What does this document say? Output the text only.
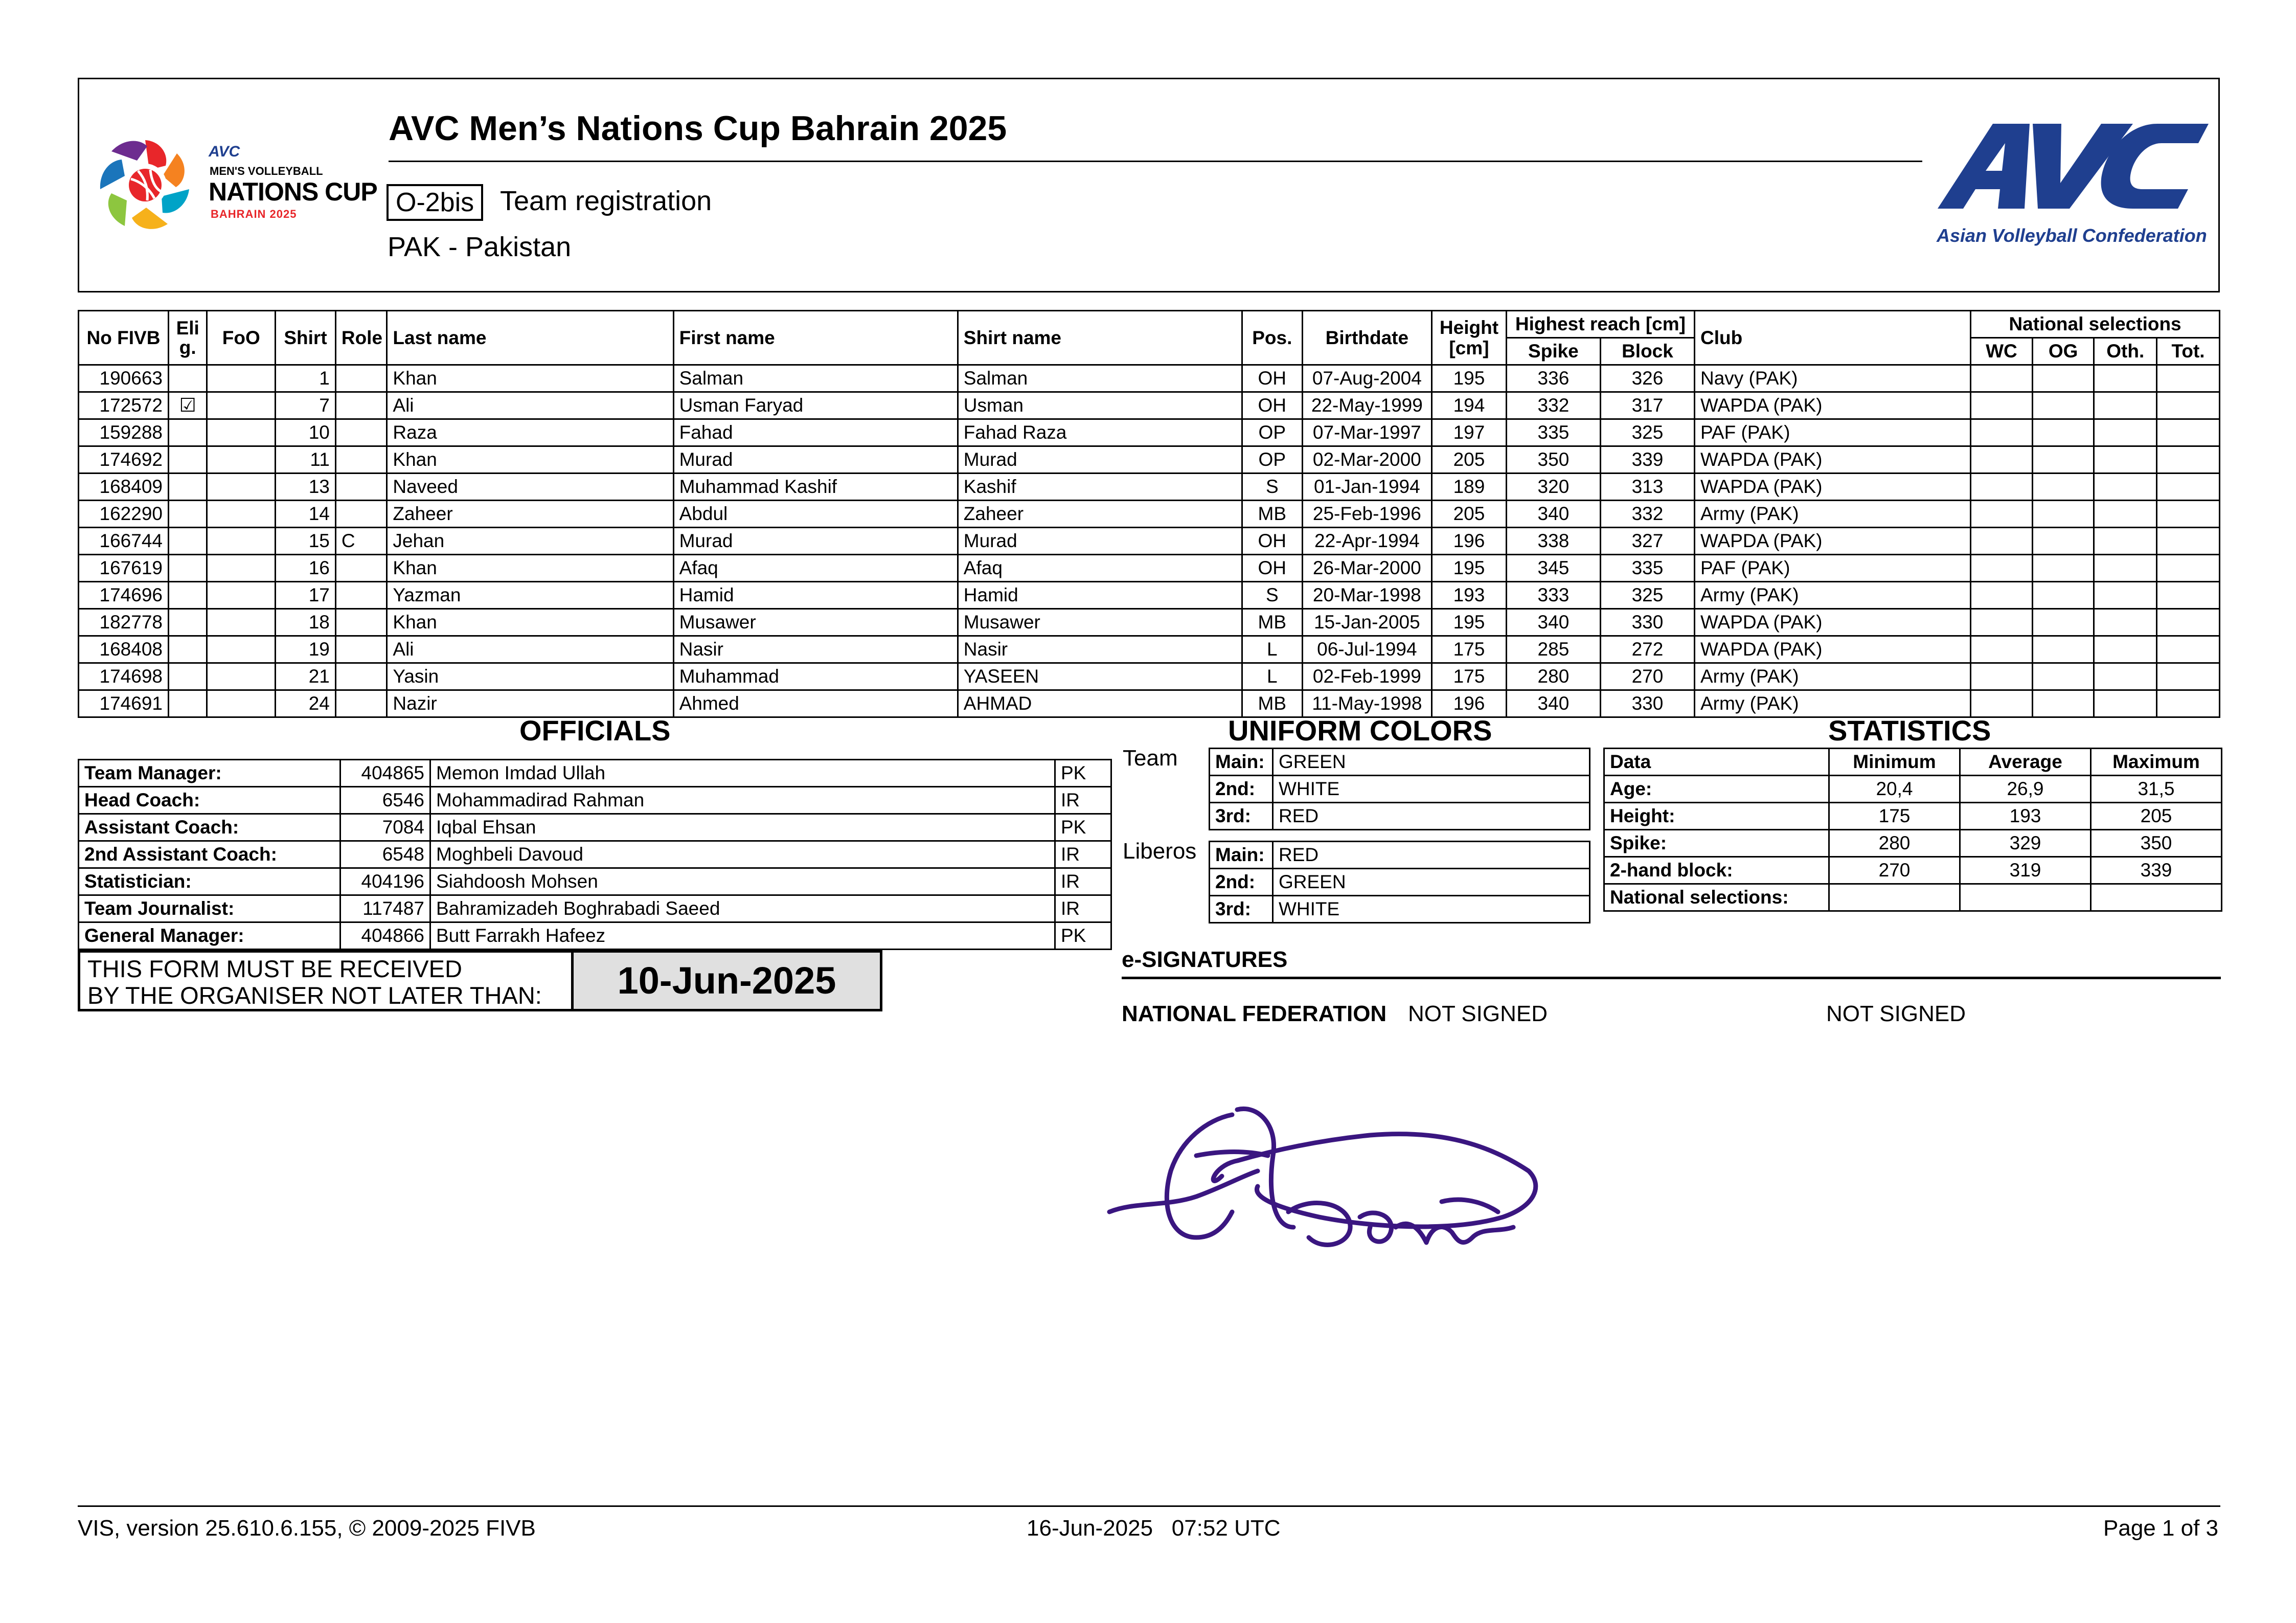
AVC
MEN'S VOLLEYBALL
NATIONS CUP
BAHRAIN 2025
AVC Men’s Nations Cup Bahrain 2025
O-2bis Team registration
PAK - Pakistan	Asian Volleyball Confederation
No FIVB	Eli g.	FoO	Shirt	Role	Last name	First name	Shirt name	Pos.	Birthdate	Height [cm]	Highest reach [cm]		Club	National selections			
											Spike	Block		WC	OG	Oth.	Tot.
190663			1		Khan	Salman	Salman	OH	07-Aug-2004	195	336	326	Navy (PAK)				
172572	☑		7		Ali	Usman Faryad	Usman	OH	22-May-1999	194	332	317	WAPDA (PAK)				
159288			10		Raza	Fahad	Fahad Raza	OP	07-Mar-1997	197	335	325	PAF (PAK)				
174692			11		Khan	Murad	Murad	OP	02-Mar-2000	205	350	339	WAPDA (PAK)				
168409			13		Naveed	Muhammad Kashif	Kashif	S	01-Jan-1994	189	320	313	WAPDA (PAK)				
162290			14		Zaheer	Abdul	Zaheer	MB	25-Feb-1996	205	340	332	Army (PAK)				
166744			15	C	Jehan	Murad	Murad	OH	22-Apr-1994	196	338	327	WAPDA (PAK)				
167619			16		Khan	Afaq	Afaq	OH	26-Mar-2000	195	345	335	PAF (PAK)				
174696			17		Yazman	Hamid	Hamid	S	20-Mar-1998	193	333	325	Army (PAK)				
182778			18		Khan	Musawer	Musawer	MB	15-Jan-2005	195	340	330	WAPDA (PAK)				
168408			19		Ali	Nasir	Nasir	L	06-Jul-1994	175	285	272	WAPDA (PAK)				
174698			21		Yasin	Muhammad	YASEEN	L	02-Feb-1999	175	280	270	Army (PAK)				
174691			24		Nazir	Ahmed	AHMAD	MB	11-May-1998	196	340	330	Army (PAK)				
OFFICIALS
Team Manager:	404865	Memon Imdad Ullah	PK
Head Coach:	6546	Mohammadirad Rahman	IR
Assistant Coach:	7084	Iqbal Ehsan	PK
2nd Assistant Coach:	6548	Moghbeli Davoud	IR
Statistician:	404196	Siahdoosh Mohsen	IR
Team Journalist:	117487	Bahramizadeh Boghrabadi Saeed	IR
General Manager:	404866	Butt Farrakh Hafeez	PK
THIS FORM MUST BE RECEIVED
BY THE ORGANISER NOT LATER THAN:	10-Jun-2025
UNIFORM COLORS
Team Main:	GREEN
2nd:	WHITE
3rd:	RED
Liberos Main:	RED
2nd:	GREEN
3rd:	WHITE
STATISTICS
Data	Minimum	Average	Maximum
Age:	20,4	26,9	31,5
Height:	175	193	205
Spike:	280	329	350
2-hand block:	270	319	339
National selections:			
e-SIGNATURES
NATIONAL FEDERATION NOT SIGNED	NOT SIGNED
VIS, version 25.610.6.155, © 2009-2025 FIVB	16-Jun-2025   07:52 UTC	Page 1 of 3
